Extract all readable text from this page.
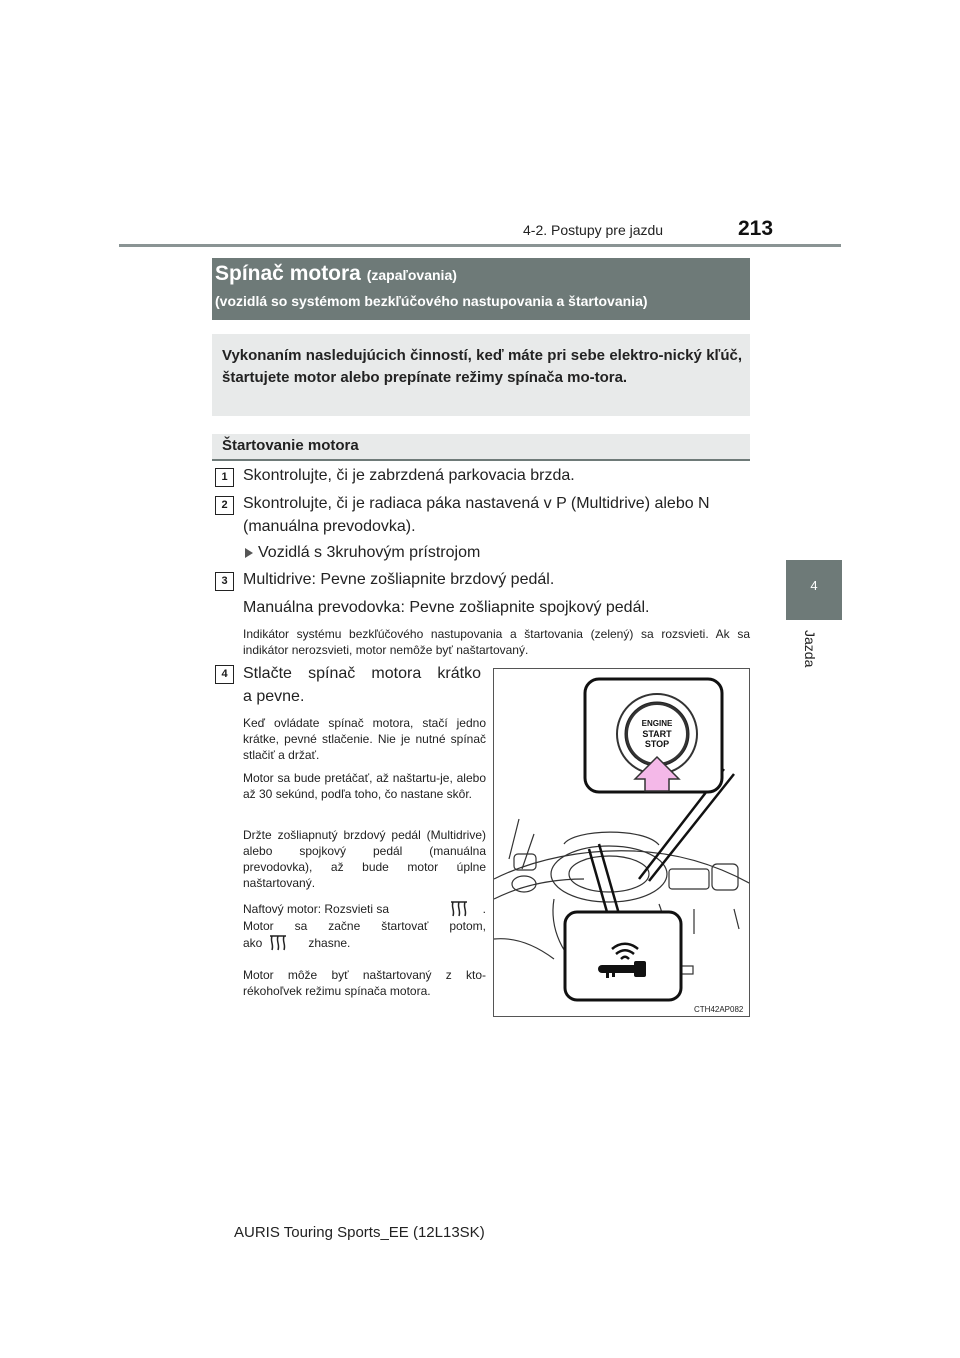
4-2. Postupy pre jazdu	213
4
Jazda
Spínač motora (zapaľovania)
(vozidlá so systémom bezkľúčového nastupovania a štartovania)
Vykonaním nasledujúcich činností, keď máte pri sebe elektro-nický kľúč, štartujete motor alebo prepínate režimy spínača mo-tora.
Štartovanie motora
1 Skontrolujte, či je zabrzdená parkovacia brzda.
2 Skontrolujte, či je radiaca páka nastavená v P (Multidrive) alebo N
(manuálna prevodovka).
Vozidlá s 3kruhovým prístrojom
3 Multidrive: Pevne zošliapnite brzdový pedál.
Manuálna prevodovka: Pevne zošliapnite spojkový pedál.
Indikátor systému bezkľúčového nastupovania a štartovania (zelený) sa rozsvieti. Ak sa indikátor nerozsvieti, motor nemôže byť naštartovaný.
4 Stlačte spínač motora krátko
a pevne.
Keď ovládate spínač motora, stačí jedno krátke, pevné stlačenie. Nie je nutné spínač stlačiť a držať.
Motor sa bude pretáčať, až naštartu-je, alebo až 30 sekúnd, podľa toho, čo nastane skôr.
Držte zošliapnutý brzdový pedál (Multidrive) alebo spojkový pedál (manuálna prevodovka), až bude motor úplne naštartovaný.
Naftový motor: Rozsvieti sa	.
Motor sa začne štartovať potom,
ako	zhasne.
Motor môže byť naštartovaný z kto-rékohoľvek režimu spínača motora.
ENGINE
START
STOP
CTH42AP082
AURIS Touring Sports_EE (12L13SK)
